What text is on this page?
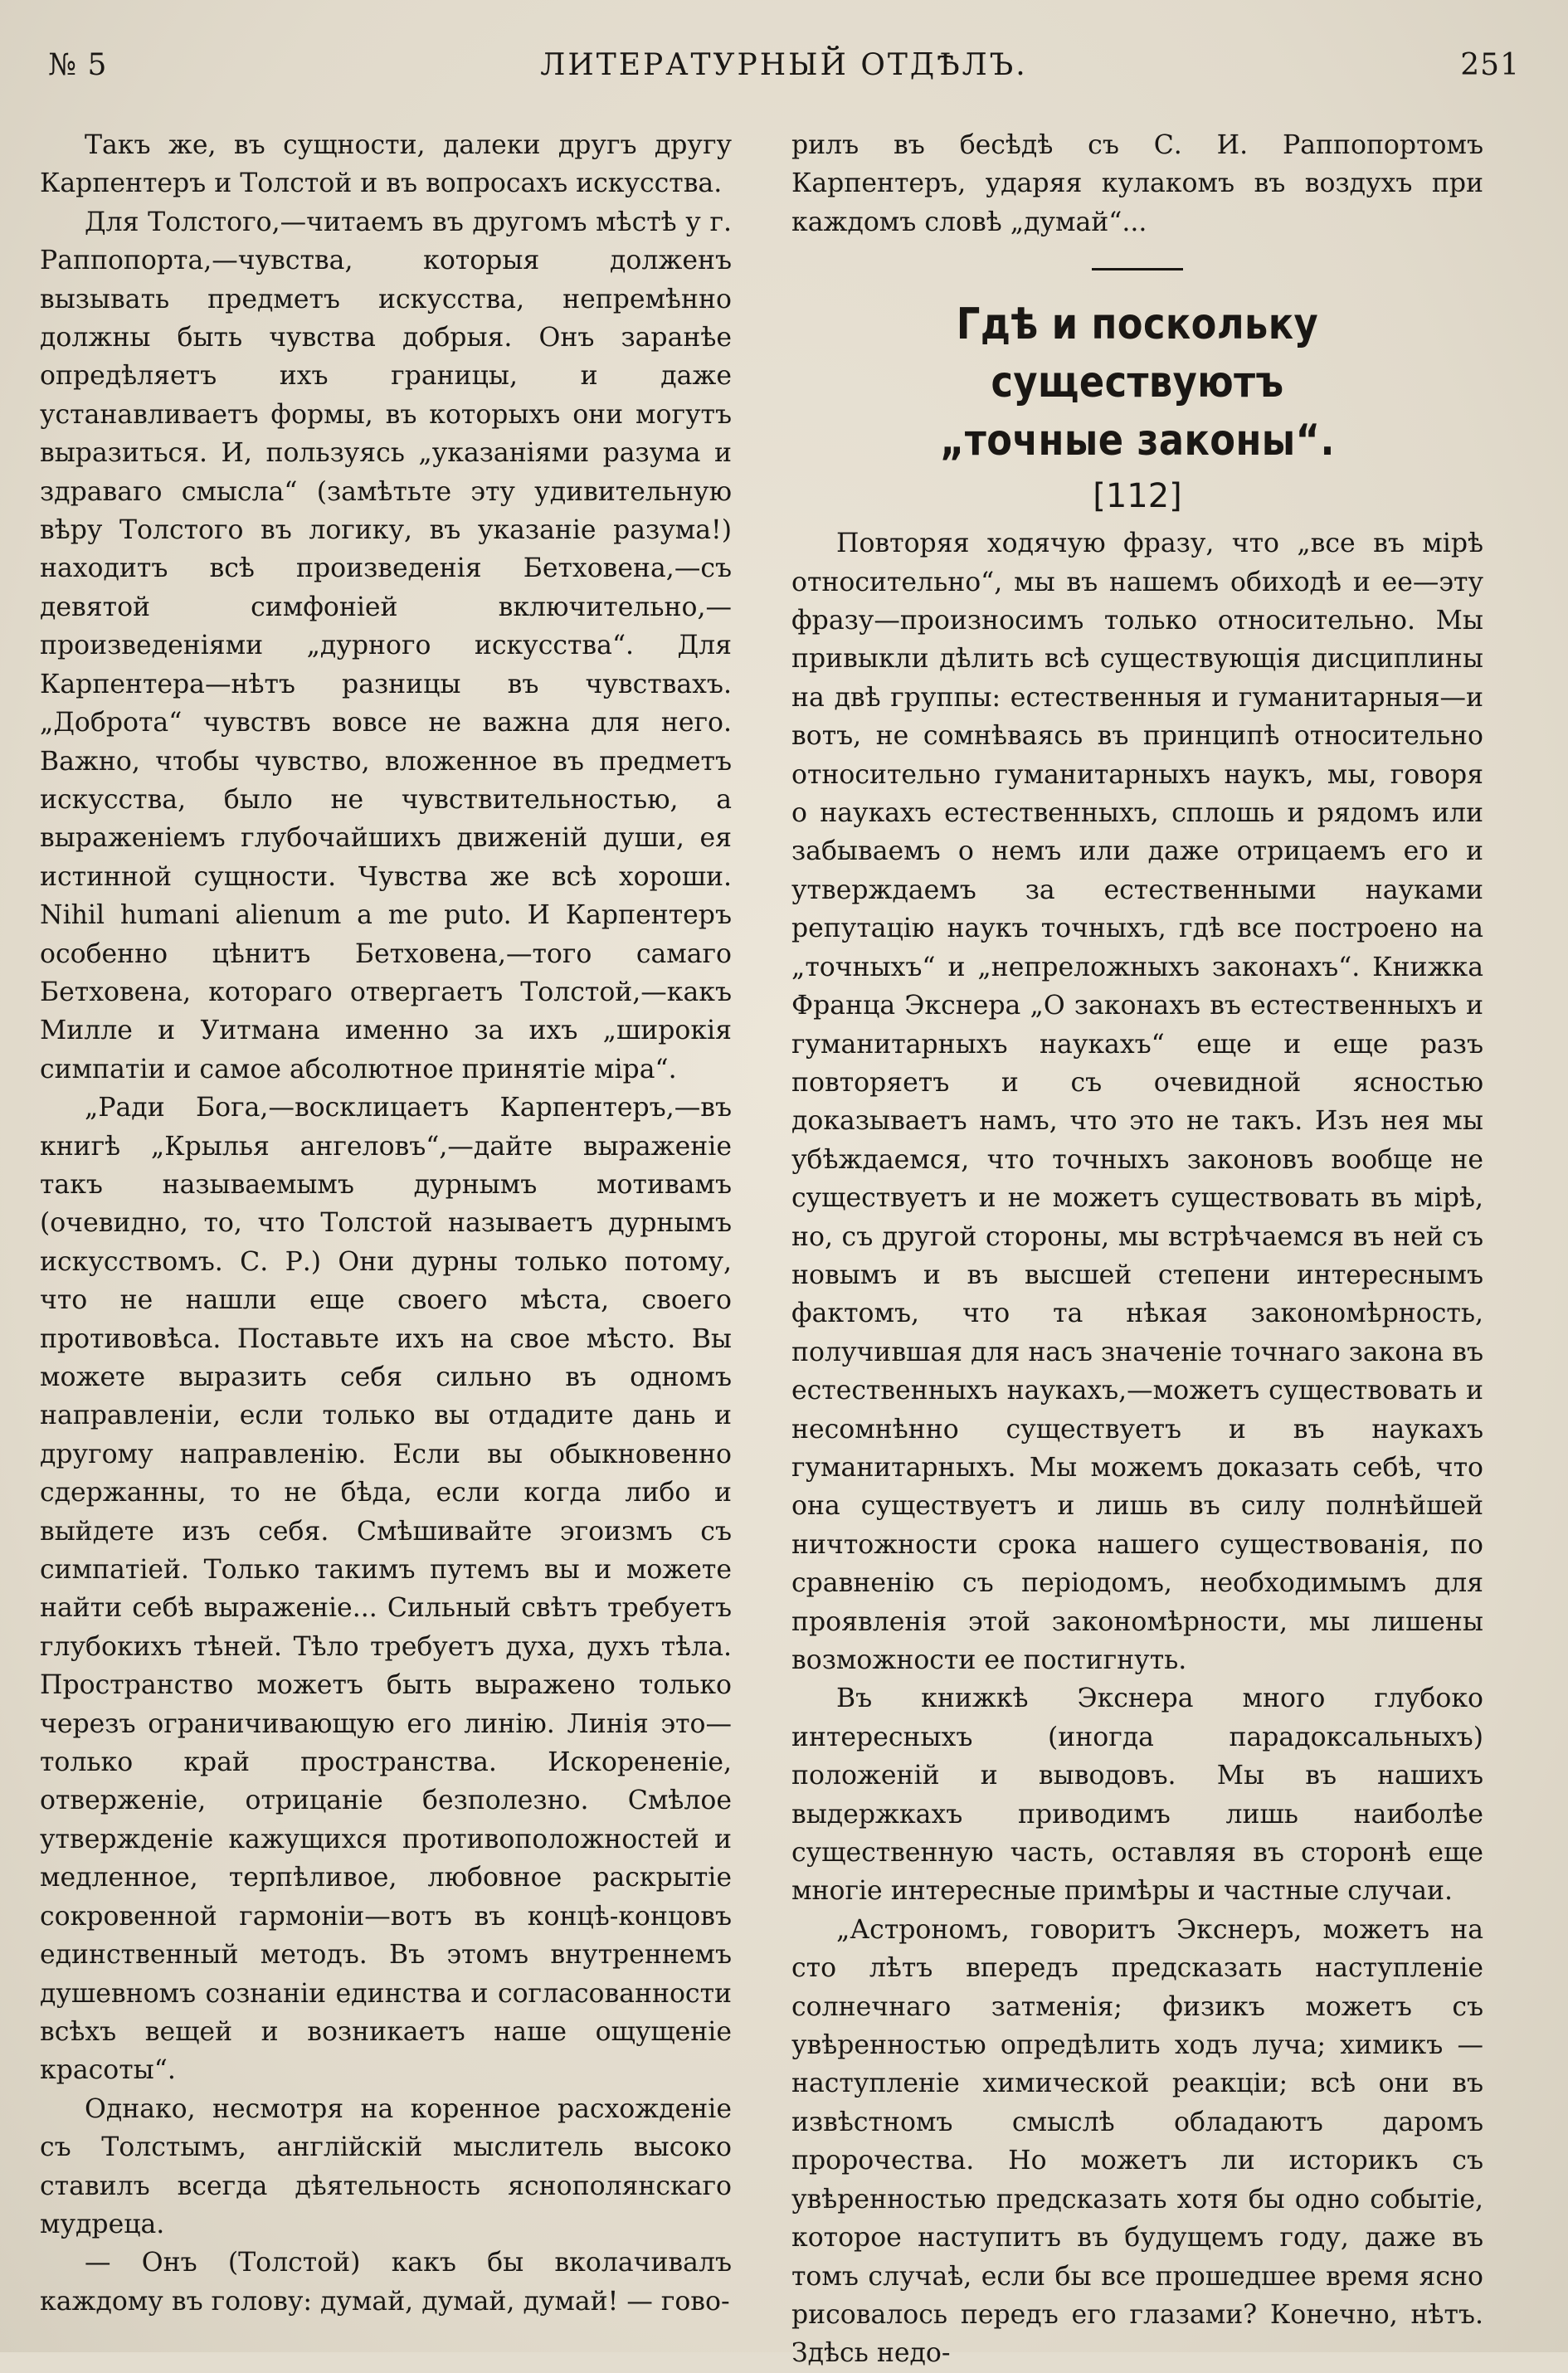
№ 5	ЛИТЕРАТУРНЫЙ ОТДѢЛЪ.	251

Такъ же, въ сущности, далеки другъ другу Карпентеръ и Толстой и въ вопросахъ искусства.

Для Толстого,—читаемъ въ другомъ мѣстѣ у г. Раппопорта,—чувства, которыя долженъ вызывать предметъ искусства, непремѣнно должны быть чувства добрыя. Онъ заранѣе опредѣляетъ ихъ границы, и даже устанавливаетъ формы, въ которыхъ они могутъ выразиться. И, пользуясь „указаніями разума и здраваго смысла“ (замѣтьте эту удивительную вѣру Толстого въ логику, въ указаніе разума!) находитъ всѣ произведенія Бетховена,—съ девятой симфоніей включительно,—произведеніями „дурного искусства“. Для Карпентера—нѣтъ разницы въ чувствахъ. „Доброта“ чувствъ вовсе не важна для него. Важно, чтобы чувство, вложенное въ предметъ искусства, было не чувствительностью, а выраженіемъ глубочайшихъ движеній души, ея истинной сущности. Чувства же всѣ хороши. Nihil humani alienum a me puto. И Карпентеръ особенно цѣнитъ Бетховена,—того самаго Бетховена, котораго отвергаетъ Толстой,—какъ Милле и Уитмана именно за ихъ „широкія симпатіи и самое абсолютное принятіе міра“.

„Ради Бога,—восклицаетъ Карпентеръ,—въ книгѣ „Крылья ангеловъ“,—дайте выраженіе такъ называемымъ дурнымъ мотивамъ (очевидно, то, что Толстой называетъ дурнымъ искусствомъ. С. Р.) Они дурны только потому, что не нашли еще своего мѣста, своего противовѣса. Поставьте ихъ на свое мѣсто. Вы можете выразить себя сильно въ одномъ направленіи, если только вы отдадите дань и другому направленію. Если вы обыкновенно сдержанны, то не бѣда, если когда либо и выйдете изъ себя. Смѣшивайте эгоизмъ съ симпатіей. Только такимъ путемъ вы и можете найти себѣ выраженіе... Сильный свѣтъ требуетъ глубокихъ тѣней. Тѣло требуетъ духа, духъ тѣла. Пространство можетъ быть выражено только черезъ ограничивающую его линію. Линія это—только край пространства. Искорененіе, отверженіе, отрицаніе безполезно. Смѣлое утвержденіе кажущихся противоположностей и медленное, терпѣливое, любовное раскрытіе сокровенной гармоніи—вотъ въ концѣ-концовъ единственный методъ. Въ этомъ внутреннемъ душевномъ сознаніи единства и согласованности всѣхъ вещей и возникаетъ наше ощущеніе красоты“.

Однако, несмотря на коренное расхожденіе съ Толстымъ, англійскій мыслитель высоко ставилъ всегда дѣятельность яснополянскаго мудреца.

— Онъ (Толстой) какъ бы вколачивалъ каждому въ голову: думай, думай, думай! — гово-

рилъ въ бесѣдѣ съ С. И. Раппопортомъ Карпентеръ, ударяя кулакомъ въ воздухъ при каждомъ словѣ „думай“...

Гдѣ и поскольку существуютъ
„точные законы“.
[112]

Повторяя ходячую фразу, что „все въ мірѣ относительно“, мы въ нашемъ обиходѣ и ее—эту фразу—произносимъ только относительно. Мы привыкли дѣлить всѣ существующія дисциплины на двѣ группы: естественныя и гуманитарныя—и вотъ, не сомнѣваясь въ принципѣ относительно относительно гуманитарныхъ наукъ, мы, говоря о наукахъ естественныхъ, сплошь и рядомъ или забываемъ о немъ или даже отрицаемъ его и утверждаемъ за естественными науками репутацію наукъ точныхъ, гдѣ все построено на „точныхъ“ и „непреложныхъ законахъ“. Книжка Франца Экснера „О законахъ въ естественныхъ и гуманитарныхъ наукахъ“ еще и еще разъ повторяетъ и съ очевидной ясностью доказываетъ намъ, что это не такъ. Изъ нея мы убѣждаемся, что точныхъ законовъ вообще не существуетъ и не можетъ существовать въ мірѣ, но, съ другой стороны, мы встрѣчаемся въ ней съ новымъ и въ высшей степени интереснымъ фактомъ, что та нѣкая закономѣрность, получившая для насъ значеніе точнаго закона въ естественныхъ наукахъ,—можетъ существовать и несомнѣнно существуетъ и въ наукахъ гуманитарныхъ. Мы можемъ доказать себѣ, что она существуетъ и лишь въ силу полнѣйшей ничтожности срока нашего существованія, по сравненію съ періодомъ, необходимымъ для проявленія этой закономѣрности, мы лишены возможности ее постигнуть.

Въ книжкѣ Экснера много глубоко интересныхъ (иногда парадоксальныхъ) положеній и выводовъ. Мы въ нашихъ выдержкахъ приводимъ лишь наиболѣе существенную часть, оставляя въ сторонѣ еще многіе интересные примѣры и частные случаи.

„Астрономъ, говоритъ Экснеръ, можетъ на сто лѣтъ впередъ предсказать наступленіе солнечнаго затменія; физикъ можетъ съ увѣренностью опредѣлить ходъ луча; химикъ — наступленіе химической реакціи; всѣ они въ извѣстномъ смыслѣ обладаютъ даромъ пророчества. Но можетъ ли историкъ съ увѣренностью предсказать хотя бы одно событіе, которое наступитъ въ будущемъ году, даже въ томъ случаѣ, если бы все прошедшее время ясно рисовалось передъ его глазами? Конечно, нѣтъ. Здѣсь недо-
